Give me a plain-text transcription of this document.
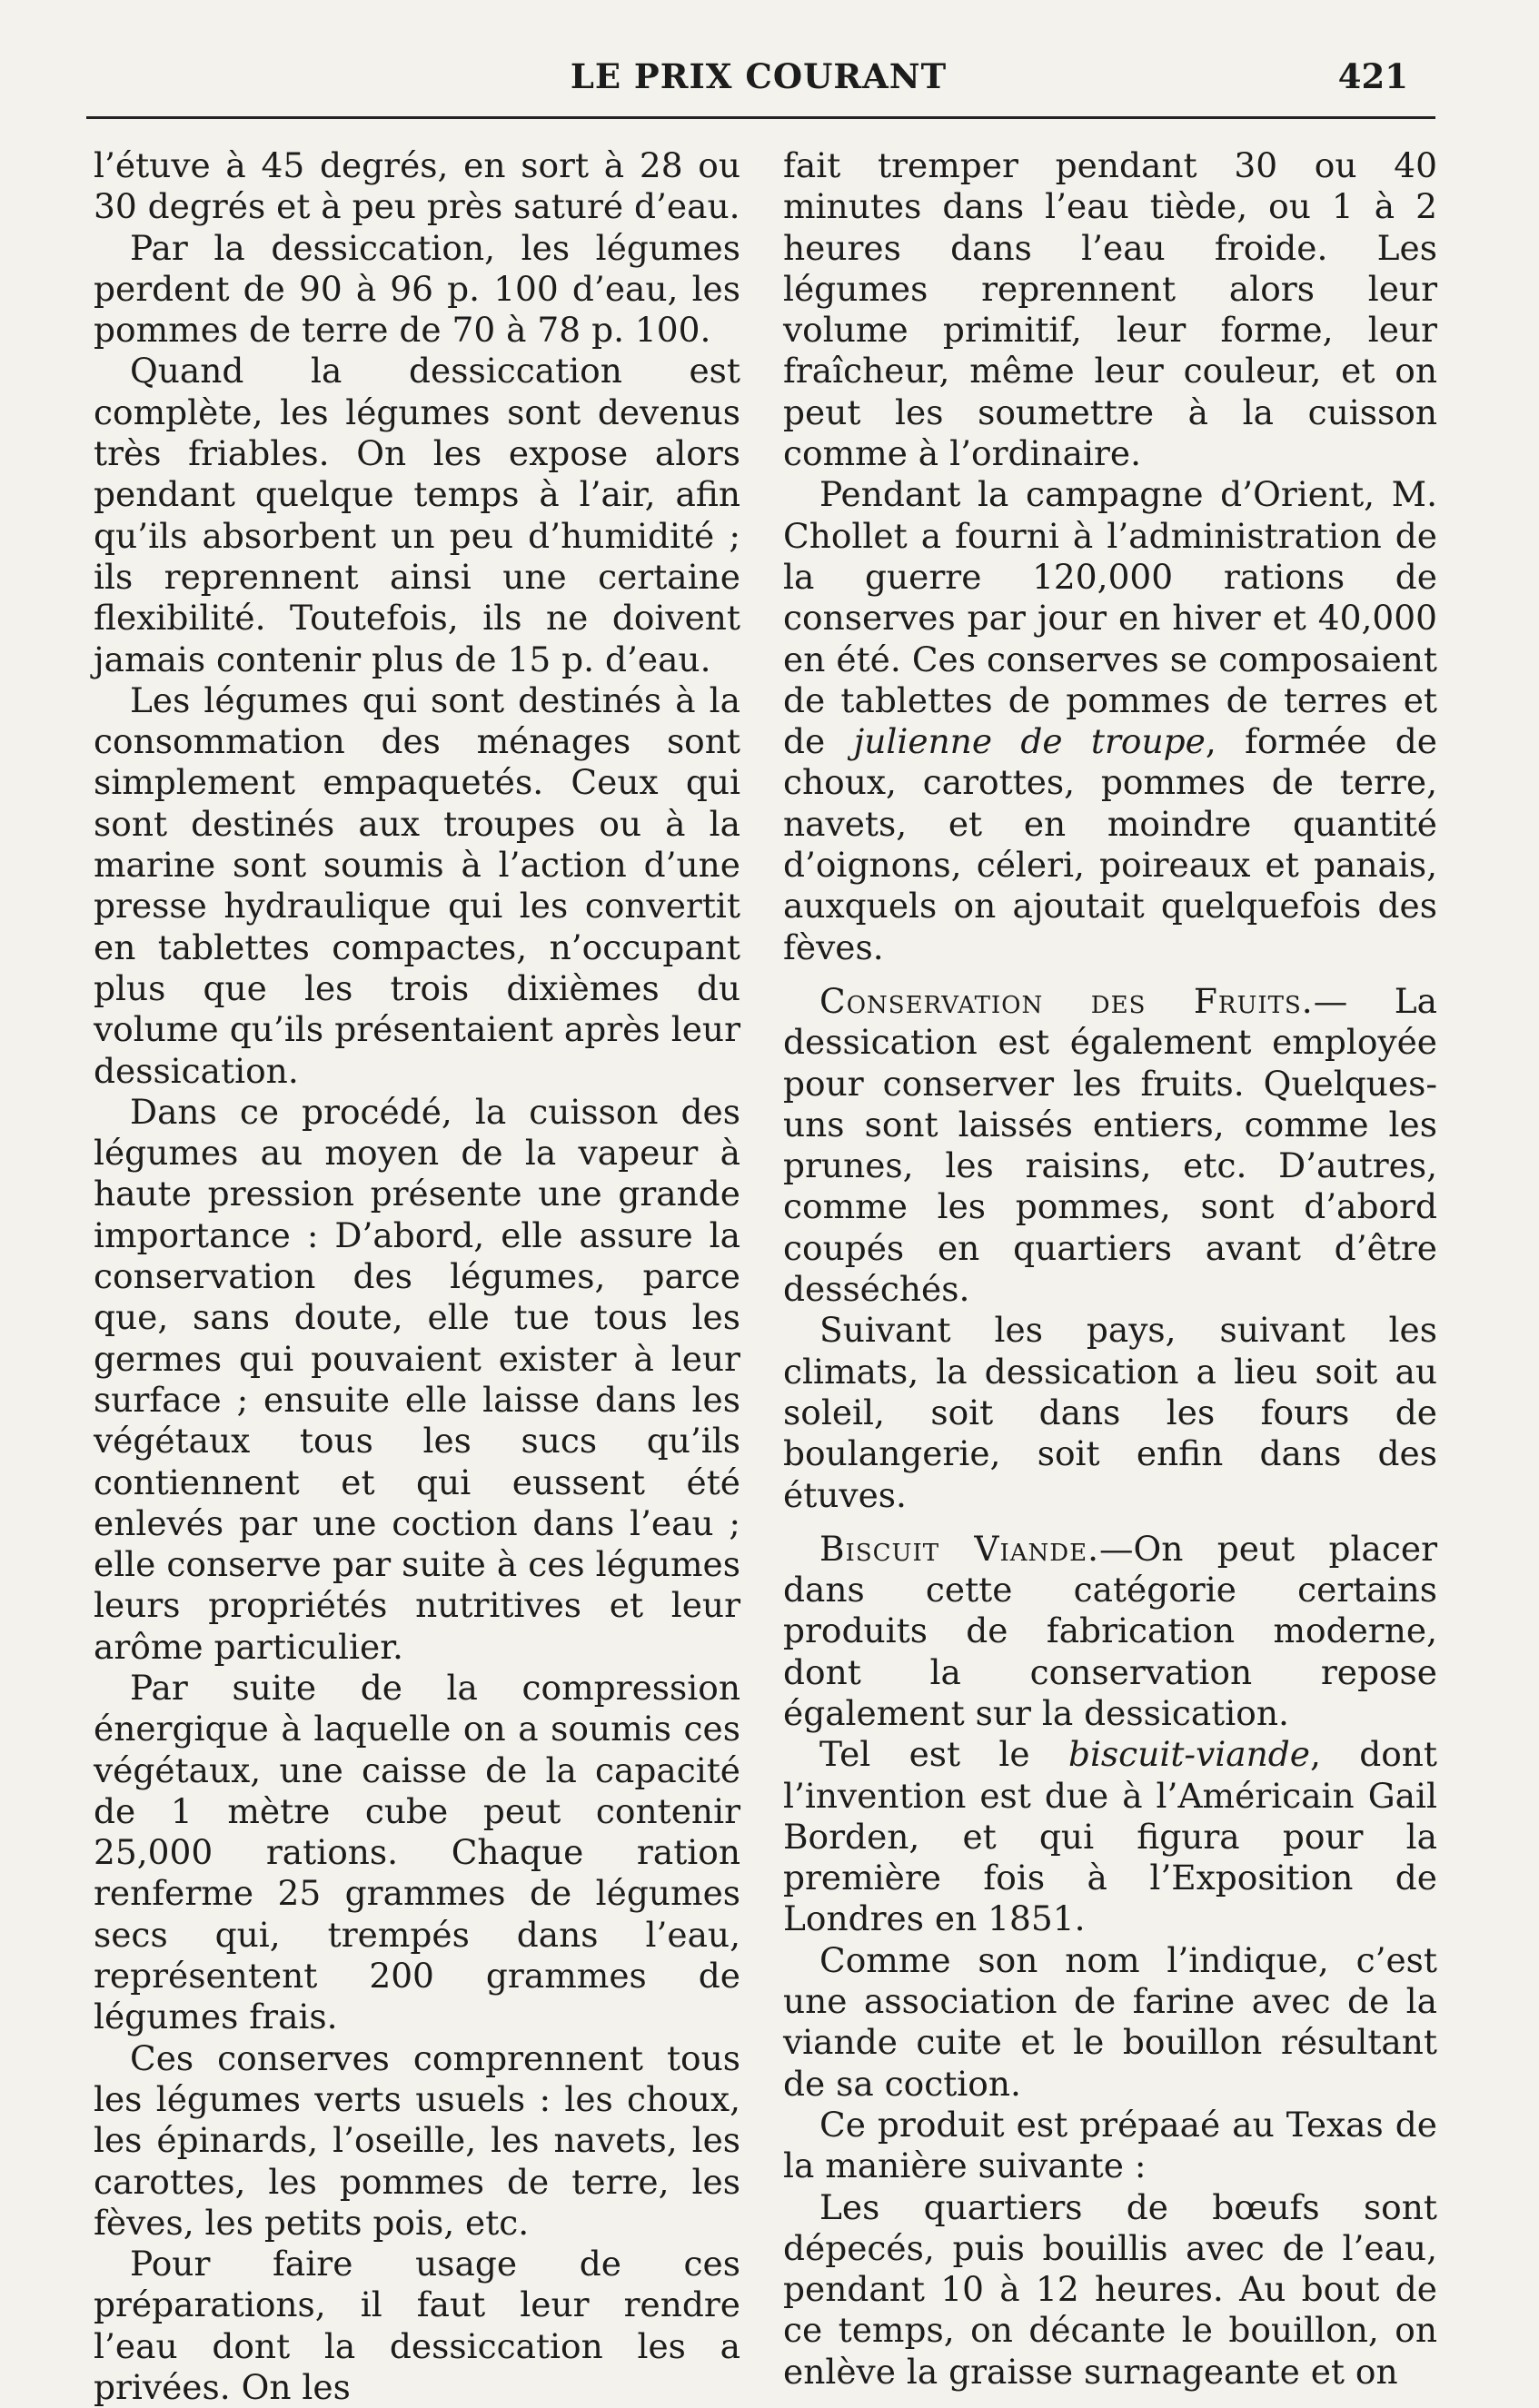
LE PRIX COURANT	421

l’étuve à 45 degrés, en sort à 28 ou 30 degrés et à peu près saturé d’eau.

Par la dessiccation, les légumes perdent de 90 à 96 p. 100 d’eau, les pommes de terre de 70 à 78 p. 100.

Quand la dessiccation est complète, les légumes sont devenus très friables. On les expose alors pendant quelque temps à l’air, afin qu’ils absorbent un peu d’humidité ; ils reprennent ainsi une certaine flexibilité. Toutefois, ils ne doivent jamais contenir plus de 15 p. d’eau.

Les légumes qui sont destinés à la consommation des ménages sont simplement empaquetés. Ceux qui sont destinés aux troupes ou à la marine sont soumis à l’action d’une presse hydraulique qui les convertit en tablettes compactes, n’occupant plus que les trois dixièmes du volume qu’ils présentaient après leur dessication.

Dans ce procédé, la cuisson des légumes au moyen de la vapeur à haute pression présente une grande importance : D’abord, elle assure la conservation des légumes, parce que, sans doute, elle tue tous les germes qui pouvaient exister à leur surface ; ensuite elle laisse dans les végétaux tous les sucs qu’ils contiennent et qui eussent été enlevés par une coction dans l’eau ; elle conserve par suite à ces légumes leurs propriétés nutritives et leur arôme particulier.

Par suite de la compression énergique à laquelle on a soumis ces végétaux, une caisse de la capacité de 1 mètre cube peut contenir 25,000 rations. Chaque ration renferme 25 grammes de légumes secs qui, trempés dans l’eau, représentent 200 grammes de légumes frais.

Ces conserves comprennent tous les légumes verts usuels : les choux, les épinards, l’oseille, les navets, les carottes, les pommes de terre, les fèves, les petits pois, etc.

Pour faire usage de ces préparations, il faut leur rendre l’eau dont la dessiccation les a privées. On les

fait tremper pendant 30 ou 40 minutes dans l’eau tiède, ou 1 à 2 heures dans l’eau froide. Les légumes reprennent alors leur volume primitif, leur forme, leur fraîcheur, même leur couleur, et on peut les soumettre à la cuisson comme à l’ordinaire.

Pendant la campagne d’Orient, M. Chollet a fourni à l’administration de la guerre 120,000 rations de conserves par jour en hiver et 40,000 en été. Ces conserves se composaient de tablettes de pommes de terres et de julienne de troupe, formée de choux, carottes, pommes de terre, navets, et en moindre quantité d’oignons, céleri, poireaux et panais, auxquels on ajoutait quelquefois des fèves.

Conservation des Fruits.— La dessication est également employée pour conserver les fruits. Quelques-uns sont laissés entiers, comme les prunes, les raisins, etc. D’autres, comme les pommes, sont d’abord coupés en quartiers avant d’être desséchés.

Suivant les pays, suivant les climats, la dessication a lieu soit au soleil, soit dans les fours de boulangerie, soit enfin dans des étuves.

Biscuit Viande.—On peut placer dans cette catégorie certains produits de fabrication moderne, dont la conservation repose également sur la dessication.

Tel est le biscuit-viande, dont l’invention est due à l’Américain Gail Borden, et qui figura pour la première fois à l’Exposition de Londres en 1851.

Comme son nom l’indique, c’est une association de farine avec de la viande cuite et le bouillon résultant de sa coction.

Ce produit est prépaaé au Texas de la manière suivante :

Les quartiers de bœufs sont dépecés, puis bouillis avec de l’eau, pendant 10 à 12 heures. Au bout de ce temps, on décante le bouillon, on enlève la graisse surnageante et on
